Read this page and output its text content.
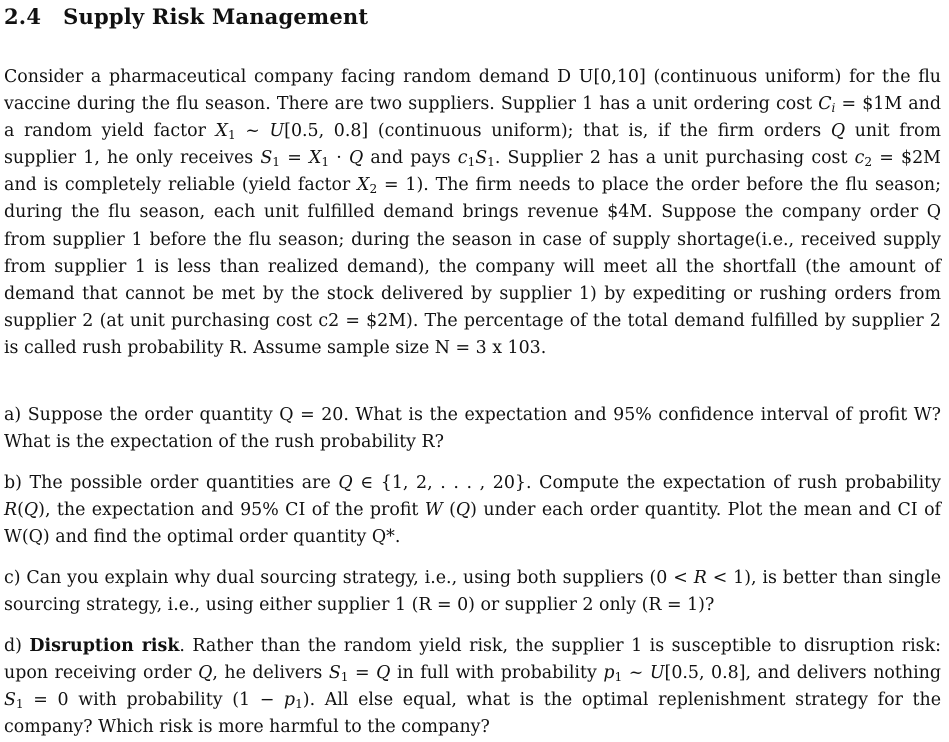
2.4 Supply Risk Management

Consider a pharmaceutical company facing random demand D U[0,10] (continuous uniform) for the flu vaccine during the flu season. There are two suppliers. Supplier 1 has a unit ordering cost $C_i$ = $1M and a random yield factor $X_1$ ~ U[0.5, 0.8] (continuous uniform); that is, if the firm orders Q unit from supplier 1, he only receives $S_1 = X_1 \cdot Q$ and pays $c_1S_1$. Supplier 2 has a unit purchasing cost $c_2$ = $2M and is completely reliable (yield factor $X_2 = 1$). The firm needs to place the order before the flu season; during the flu season, each unit fulfilled demand brings revenue $4M. Suppose the company order Q from supplier 1 before the flu season; during the season in case of supply shortage(i.e., received supply from supplier 1 is less than realized demand), the company will meet all the shortfall (the amount of demand that cannot be met by the stock delivered by supplier 1) by expediting or rushing orders from supplier 2 (at unit purchasing cost c2 = $2M). The percentage of the total demand fulfilled by supplier 2 is called rush probability R. Assume sample size N = 3 x 103.

a) Suppose the order quantity Q = 20. What is the expectation and 95% confidence interval of profit W? What is the expectation of the rush probability R?

b) The possible order quantities are Q ∈ {1, 2, . . . , 20}. Compute the expectation of rush probability R(Q), the expectation and 95% CI of the profit W (Q) under each order quantity. Plot the mean and CI of W(Q) and find the optimal order quantity Q*.

c) Can you explain why dual sourcing strategy, i.e., using both suppliers (0 < R < 1), is better than single sourcing strategy, i.e., using either supplier 1 (R = 0) or supplier 2 only (R = 1)?

d) Disruption risk. Rather than the random yield risk, the supplier 1 is susceptible to disruption risk: upon receiving order Q, he delivers $S_1 = Q$ in full with probability $p_1$ ~ U[0.5, 0.8], and delivers nothing $S_1 = 0$ with probability $(1 - p_1)$. All else equal, what is the optimal replenishment strategy for the company? Which risk is more harmful to the company?
